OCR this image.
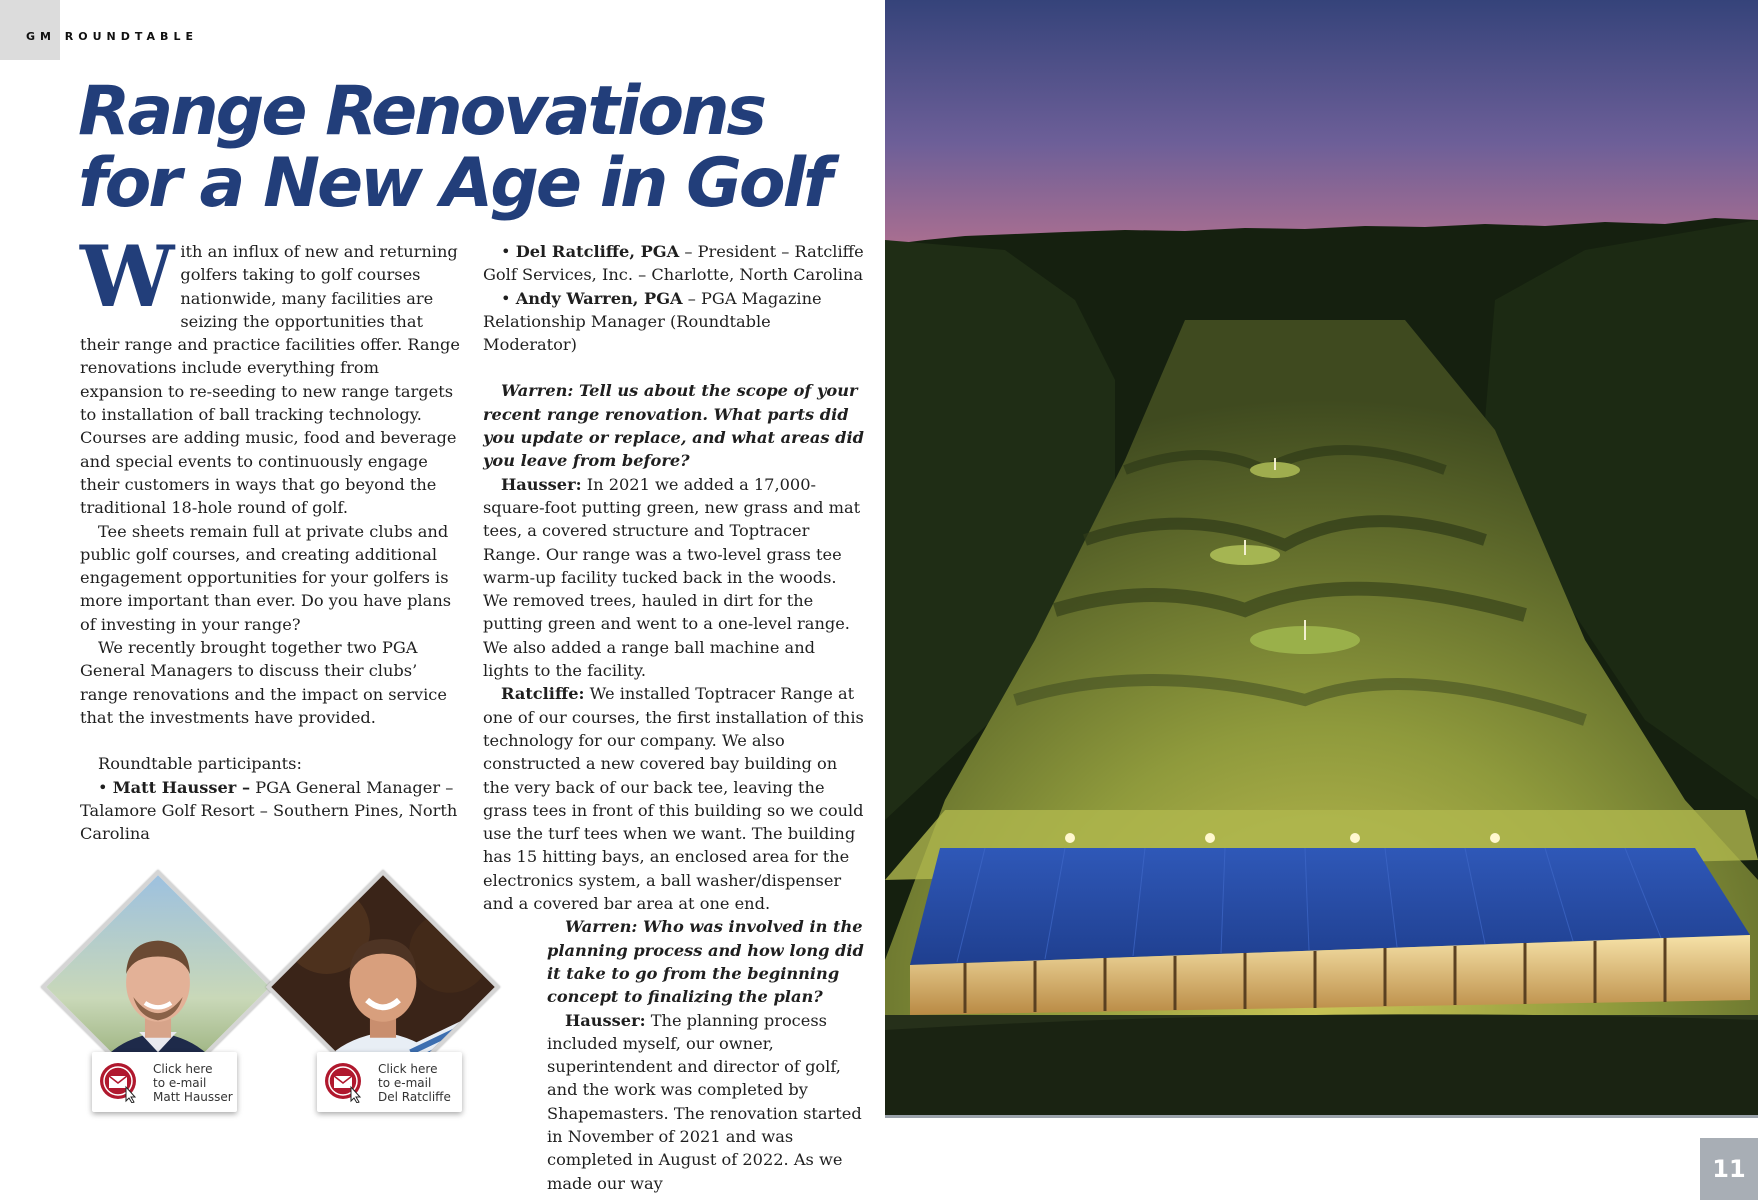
GM ROUNDTABLE
Range Renovations
for a New Age in Golf

With an influx of new and returning golfers taking to golf courses nationwide, many facilities are seizing the opportunities that their range and practice facilities offer. Range renovations include everything from expansion to re-seeding to new range targets to installation of ball tracking technology. Courses are adding music, food and beverage and special events to continuously engage their customers in ways that go beyond the traditional 18-hole round of golf.

Tee sheets remain full at private clubs and public golf courses, and creating additional engagement opportunities for your golfers is more important than ever. Do you have plans of investing in your range?

We recently brought together two PGA General Managers to discuss their clubs’ range renovations and the impact on service that the investments have provided.

Roundtable participants:

• Matt Hausser – PGA General Manager – Talamore Golf Resort – Southern Pines, North Carolina

• Del Ratcliffe, PGA – President – Ratcliffe Golf Services, Inc. – Charlotte, North Carolina

• Andy Warren, PGA – PGA Magazine Relationship Manager (Roundtable Moderator)

Warren: Tell us about the scope of your recent range renovation. What parts did you update or replace, and what areas did you leave from before?

Hausser: In 2021 we added a 17,000-square-foot putting green, new grass and mat tees, a covered structure and Toptracer Range. Our range was a two-level grass tee warm-up facility tucked back in the woods. We removed trees, hauled in dirt for the putting green and went to a one-level range. We also added a range ball machine and lights to the facility.

Ratcliffe: We installed Toptracer Range at one of our courses, the first installation of this technology for our company. We also constructed a new covered bay building on the very back of our back tee, leaving the grass tees in front of this building so we could use the turf tees when we want. The building has 15 hitting bays, an enclosed area for the electronics system, a ball washer/dispenser and a covered bar area at one end.

Warren: Who was involved in the planning process and how long did it take to go from the beginning concept to finalizing the plan?

Hausser: The planning process included myself, our owner, superintendent and director of golf, and the work was completed by Shapemasters. The renovation started in November of 2021 and was completed in August of 2022. As we made our way

Click here
to e-mail
Matt Hausser
Click here
to e-mail
Del Ratcliffe
11
